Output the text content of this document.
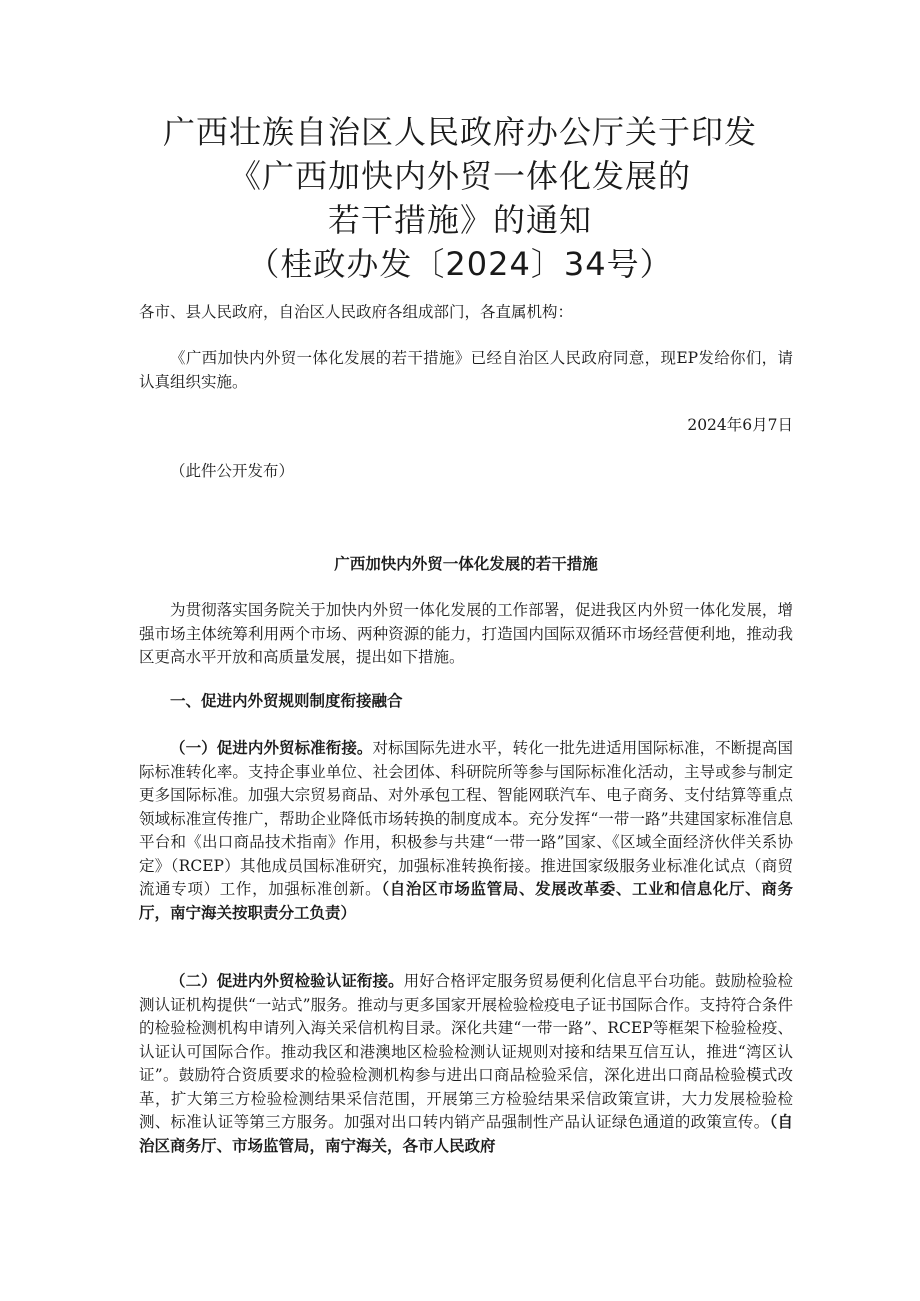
广西壮族自治区人民政府办公厅关于印发
《广西加快内外贸一体化发展的
若干措施》的通知
（桂政办发〔2024〕34号）

各市、县人民政府，自治区人民政府各组成部门，各直属机构：

《广西加快内外贸一体化发展的若干措施》已经自治区人民政府同意，现EP发给你们，请认真组织实施。

2024年6月7日

（此件公开发布）

广西加快内外贸一体化发展的若干措施

为贯彻落实国务院关于加快内外贸一体化发展的工作部署，促进我区内外贸一体化发展，增强市场主体统筹利用两个市场、两种资源的能力，打造国内国际双循环市场经营便利地，推动我区更高水平开放和高质量发展，提出如下措施。

一、促进内外贸规则制度衔接融合

（一）促进内外贸标准衔接。对标国际先进水平，转化一批先进适用国际标准，不断提高国际标准转化率。支持企事业单位、社会团体、科研院所等参与国际标准化活动，主导或参与制定更多国际标准。加强大宗贸易商品、对外承包工程、智能网联汽车、电子商务、支付结算等重点领域标准宣传推广，帮助企业降低市场转换的制度成本。充分发挥“一带一路”共建国家标准信息平台和《出口商品技术指南》作用，积极参与共建“一带一路”国家、《区域全面经济伙伴关系协定》（RCEP）其他成员国标准研究，加强标准转换衔接。推进国家级服务业标准化试点（商贸流通专项）工作，加强标准创新。（自治区市场监管局、发展改革委、工业和信息化厅、商务厅，南宁海关按职责分工负责）

（二）促进内外贸检验认证衔接。用好合格评定服务贸易便利化信息平台功能。鼓励检验检测认证机构提供“一站式”服务。推动与更多国家开展检验检疫电子证书国际合作。支持符合条件的检验检测机构申请列入海关采信机构目录。深化共建“一带一路”、RCEP等框架下检验检疫、认证认可国际合作。推动我区和港澳地区检验检测认证规则对接和结果互信互认，推进“湾区认证”。鼓励符合资质要求的检验检测机构参与进出口商品检验采信，深化进出口商品检验模式改革，扩大第三方检验检测结果采信范围，开展第三方检验结果采信政策宣讲，大力发展检验检测、标准认证等第三方服务。加强对出口转内销产品强制性产品认证绿色通道的政策宣传。（自治区商务厅、市场监管局，南宁海关，各市人民政府
